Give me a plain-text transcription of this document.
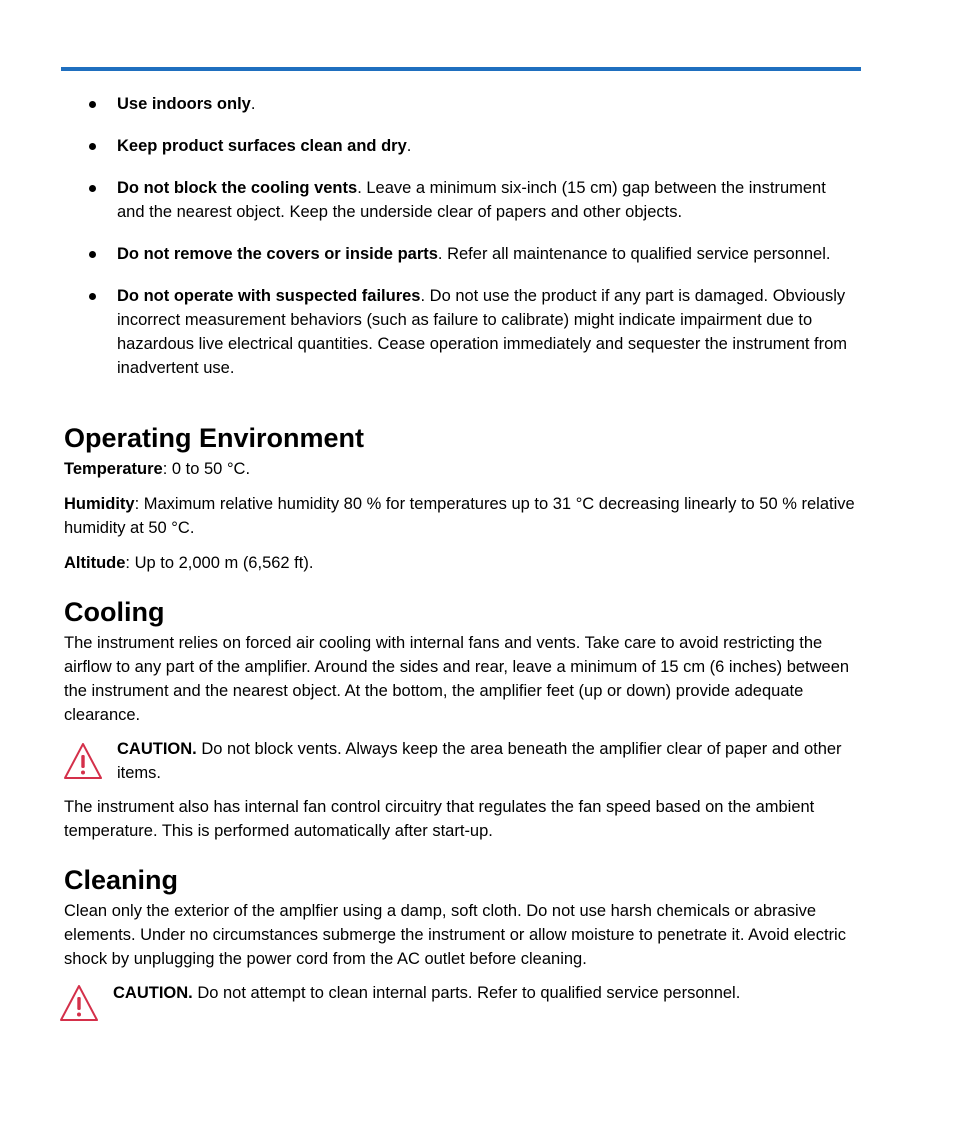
Use indoors only.
Keep product surfaces clean and dry.
Do not block the cooling vents. Leave a minimum six-inch (15 cm) gap between the instrument and the nearest object. Keep the underside clear of papers and other objects.
Do not remove the covers or inside parts. Refer all maintenance to qualified service personnel.
Do not operate with suspected failures. Do not use the product if any part is damaged. Obviously incorrect measurement behaviors (such as failure to calibrate) might indicate impairment due to hazardous live electrical quantities. Cease operation immediately and sequester the instrument from inadvertent use.
Operating Environment

Temperature: 0 to 50 °C.

Humidity: Maximum relative humidity 80 % for temperatures up to 31 °C decreasing linearly to 50 % relative humidity at 50 °C.

Altitude: Up to 2,000 m (6,562 ft).

Cooling

The instrument relies on forced air cooling with internal fans and vents. Take care to avoid restricting the airflow to any part of the amplifier. Around the sides and rear, leave a minimum of 15 cm (6 inches) between the instrument and the nearest object. At the bottom, the amplifier feet (up or down) provide adequate clearance.

CAUTION. Do not block vents. Always keep the area beneath the amplifier clear of paper and other items.

The instrument also has internal fan control circuitry that regulates the fan speed based on the ambient temperature. This is performed automatically after start-up.

Cleaning

Clean only the exterior of the amplfier using a damp, soft cloth. Do not use harsh chemicals or abrasive elements. Under no circumstances submerge the instrument or allow moisture to penetrate it. Avoid electric shock by unplugging the power cord from the AC outlet before cleaning.

CAUTION. Do not attempt to clean internal parts. Refer to qualified service personnel.
